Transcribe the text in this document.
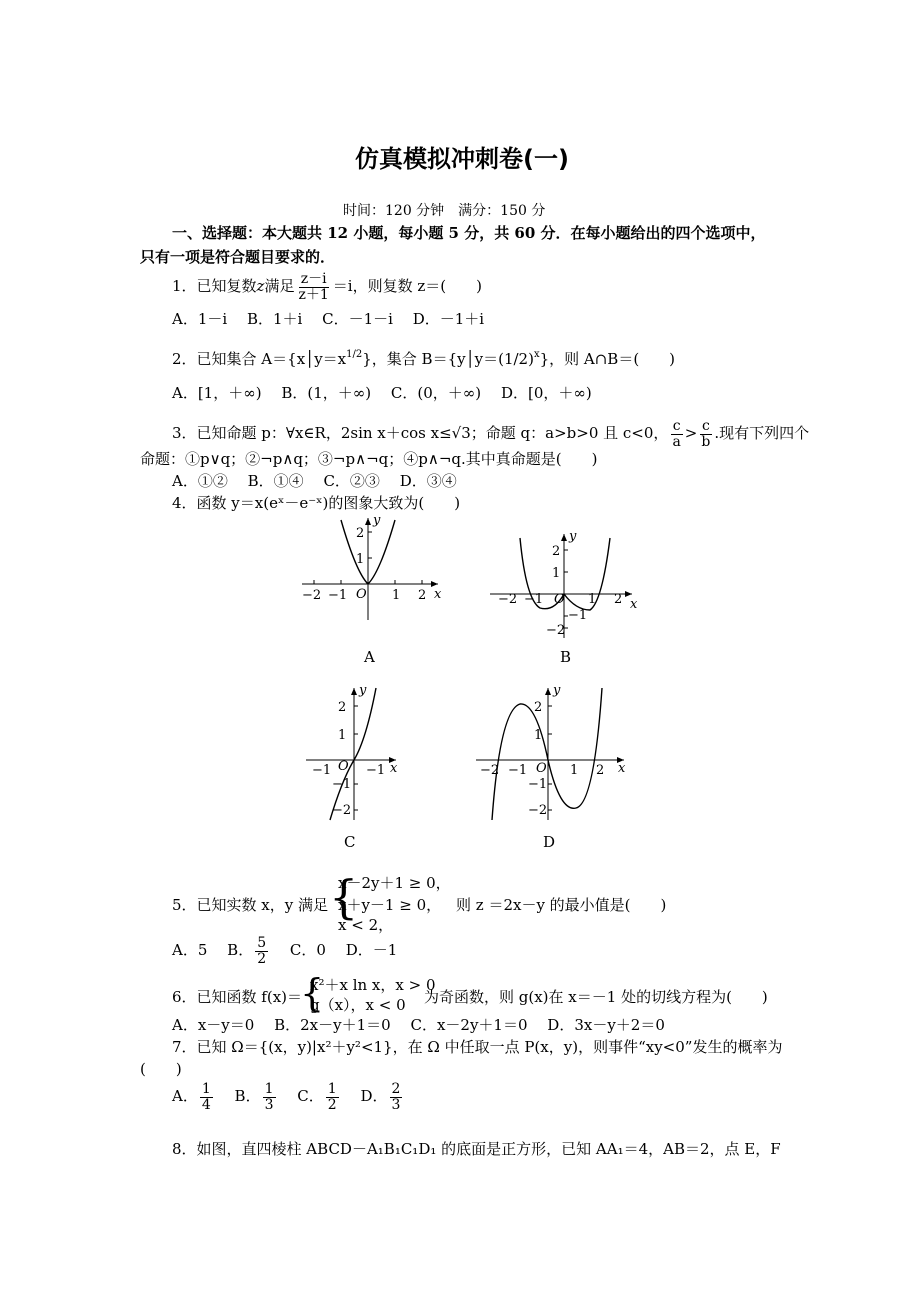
仿真模拟冲刺卷(一)
时间：120 分钟　满分：150 分
一、选择题：本大题共 12 小题，每小题 5 分，共 60 分．在每小题给出的四个选项中，
只有一项是符合题目要求的．
1．已知复数z满足 $\frac{z-i}{z+1} =i$，则复数 z＝(　　)
A．1－i　 B．1＋i　 C．－1－i　 D．－1＋i
2．已知集合 $A=\{x│y=x^{1/2}\}$，集合 $B=\{y│y=(1/2)^x\}$，则 A∩B＝(　　)
A．[1，＋∞)　 B．(1，＋∞)　 C．(0，＋∞)　 D．[0，＋∞)
3．已知命题 p：∀x∈R，2sin x＋cos x≤√3；命题 q：a>b>0 且 c<0， $\frac{c}{a} > \frac{c}{b}$ .现有下列四个
命题：①p∨q；②¬p∧q；③¬p∧¬q；④p∧¬q.其中真命题是(　　)
A．①②　 B．①④　 C．②③　 D．③④
4．函数 y＝x(eˣ－e⁻ˣ)的图象大致为(　　)
−2 −1	1 2
2
1
O	x
y
A
−2 −1	1 2
2
1
−1
−2
O	x
y
B
−1	−1
2
1
−1
−2
O	x
y
C
−2 −1	1 2
2
1
−1
−2
O	x
y
D
5．已知实数 x，y 满足 {
x－2y＋1 ≥ 0，
x＋y－1 ≥ 0，
x < 2，
则 z ＝2x－y 的最小值是(　　)
A．5　 B． $\frac{5}{2}$
　 C．0　 D．－1
6．已知函数 f(x)＝
{
x²＋x ln x，x > 0
g（x），x < 0 为奇函数，则 g(x)在 x＝－1 处的切线方程为(　　)
A．x－y＝0　 B．2x－y＋1＝0　 C．x－2y＋1＝0　 D．3x－y＋2＝0
7．已知 Ω＝{(x，y)|x²＋y²<1}，在 Ω 中任取一点 P(x，y)，则事件“xy<0”发生的概率为
(　　)
A． $\frac{1}{4}$
　 B． $\frac{1}{3}$
　 C． $\frac{1}{2}$
　 D． $\frac{2}{3}$
8．如图，直四棱柱 ABCD－A₁B₁C₁D₁ 的底面是正方形，已知 AA₁＝4，AB＝2，点 E，F
